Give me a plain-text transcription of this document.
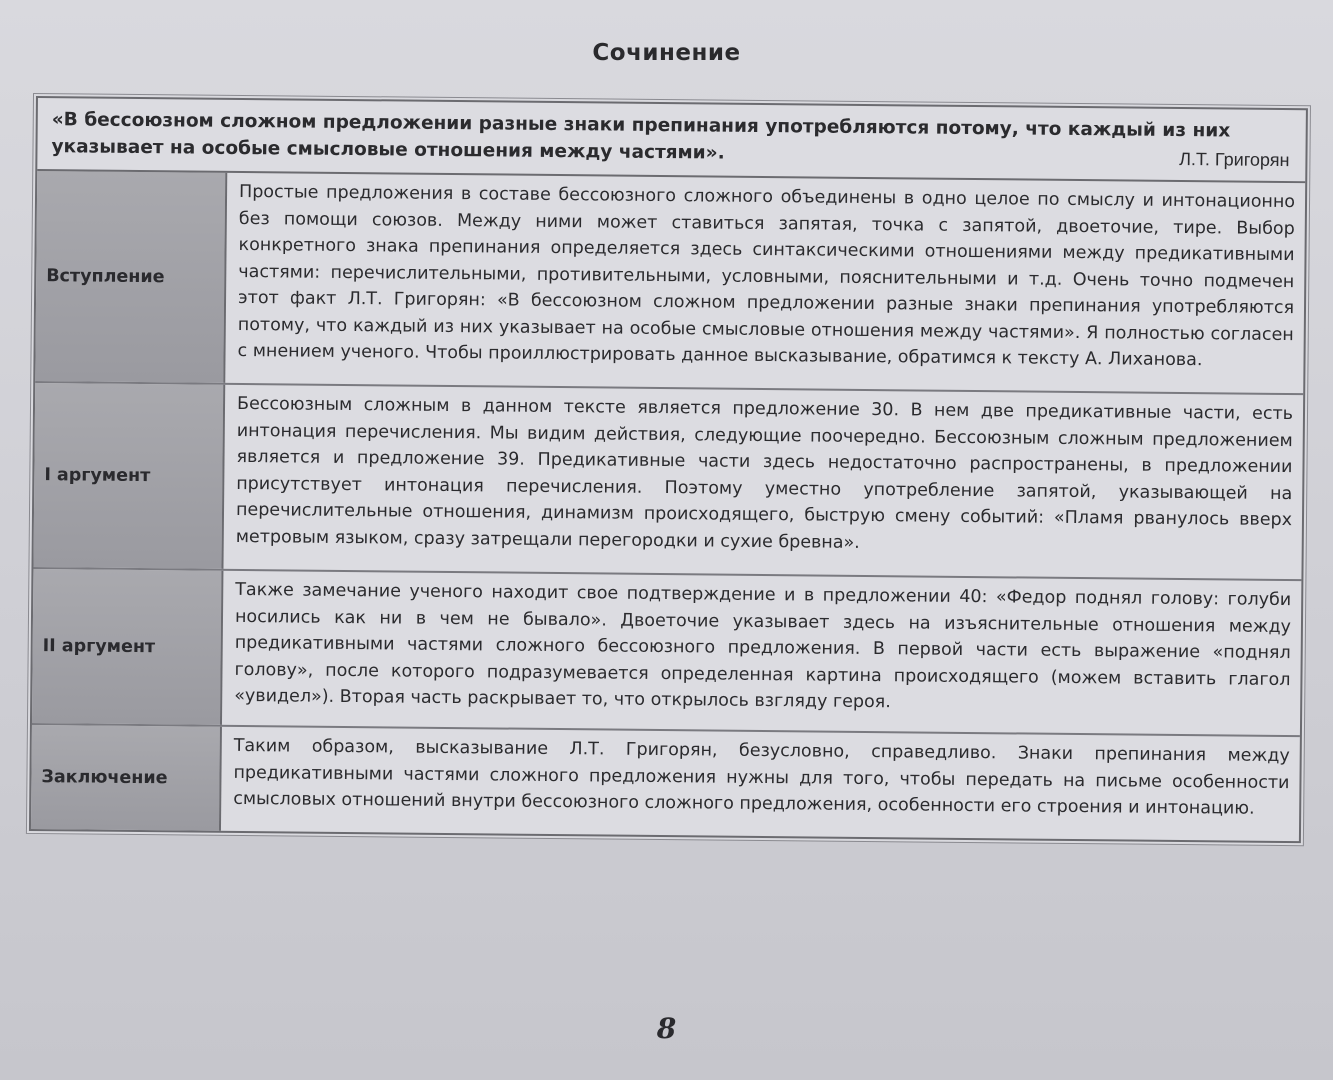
Сочинение

«В бессоюзном сложном предложении разные знаки препинания употребляются потому, что каждый из них указывает на особые смысловые отношения между частями».	Л.Т. Григорян
Вступление
Простые предложения в составе бессоюзного сложного объединены в одно целое по смыслу и интонационно без помощи союзов. Между ними может ставиться запятая, точка с запятой, двоеточие, тире. Выбор конкретного знака препинания определяется здесь синтаксическими отношениями между предикативными частями: перечислительными, противительными, условными, пояснительными и т.д. Очень точно подмечен этот факт Л.Т. Григорян: «В бессоюзном сложном предложении разные знаки препинания употребляются потому, что каждый из них указывает на особые смысловые отношения между частями». Я полностью согласен с мнением ученого. Чтобы проиллюстрировать данное высказывание, обратимся к тексту А. Лиханова.
I аргумент
Бессоюзным сложным в данном тексте является предложение 30. В нем две предикативные части, есть интонация перечисления. Мы видим действия, следующие поочередно. Бессоюзным сложным предложением является и предложение 39. Предикативные части здесь недостаточно распространены, в предложении присутствует интонация перечисления. Поэтому уместно употребление запятой, указывающей на перечислительные отношения, динамизм происходящего, быструю смену событий: «Пламя рванулось вверх метровым языком, сразу затрещали перегородки и сухие бревна».
II аргумент
Также замечание ученого находит свое подтверждение и в предложении 40: «Федор поднял голову: голуби носились как ни в чем не бывало». Двоеточие указывает здесь на изъяснительные отношения между предикативными частями сложного бессоюзного предложения. В первой части есть выражение «поднял голову», после которого подразумевается определенная картина происходящего (можем вставить глагол «увидел»). Вторая часть раскрывает то, что открылось взгляду героя.
Заключение
Таким образом, высказывание Л.Т. Григорян, безусловно, справедливо. Знаки препинания между предикативными частями сложного предложения нужны для того, чтобы передать на письме особенности смысловых отношений внутри бессоюзного сложного предложения, особенности его строения и интонацию.
8
